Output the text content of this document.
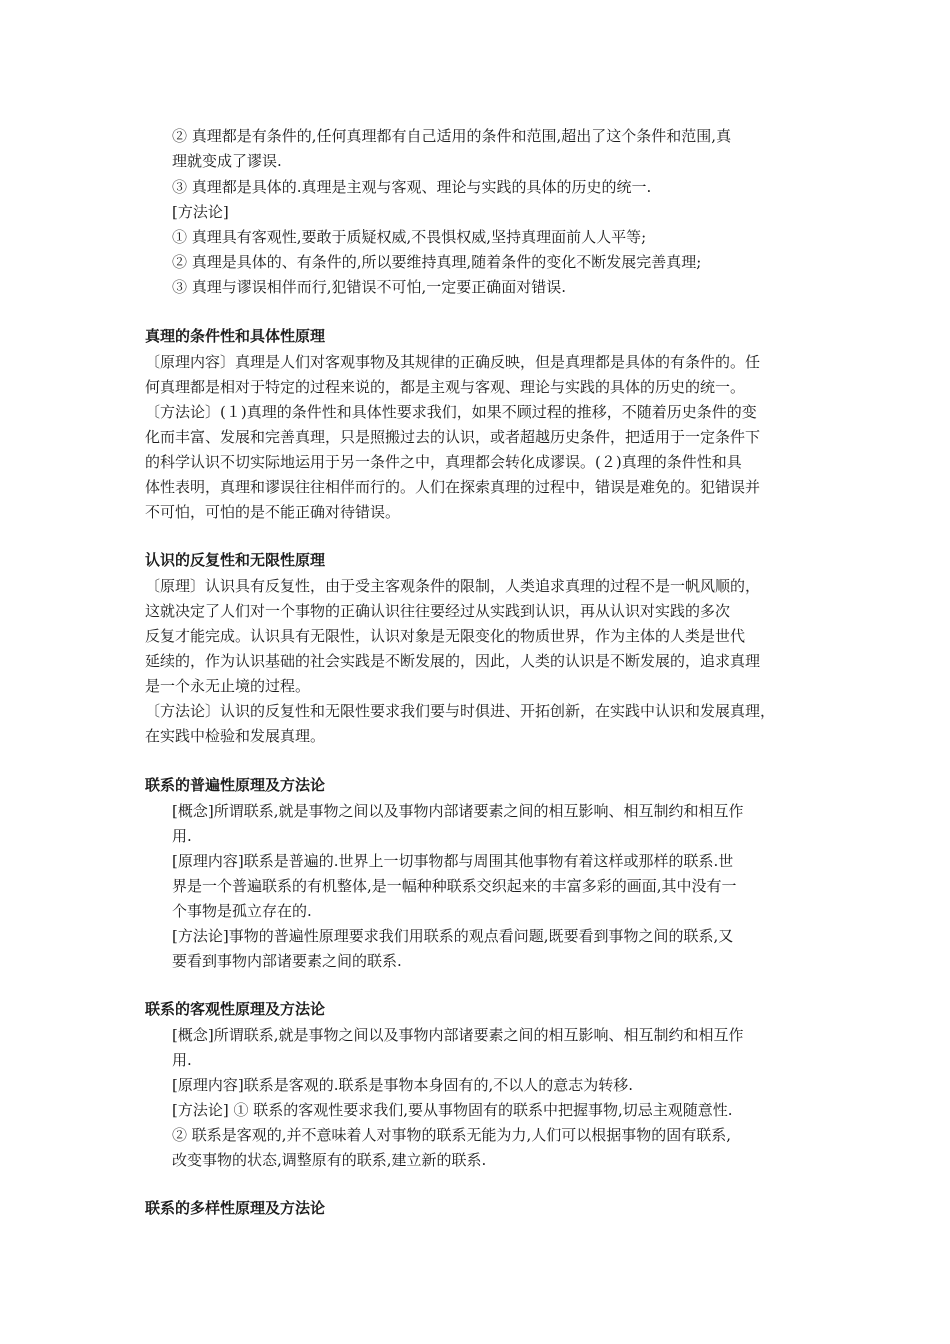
② 真理都是有条件的,任何真理都有自己适用的条件和范围,超出了这个条件和范围,真
理就变成了谬误.
③ 真理都是具体的.真理是主观与客观、理论与实践的具体的历史的统一.
[方法论]
① 真理具有客观性,要敢于质疑权威,不畏惧权威,坚持真理面前人人平等;
② 真理是具体的、有条件的,所以要维持真理,随着条件的变化不断发展完善真理;
③ 真理与谬误相伴而行,犯错误不可怕,一定要正确面对错误.
真理的条件性和具体性原理
〔原理内容〕真理是人们对客观事物及其规律的正确反映，但是真理都是具体的有条件的。任
何真理都是相对于特定的过程来说的，都是主观与客观、理论与实践的具体的历史的统一。
〔方法论〕(１)真理的条件性和具体性要求我们，如果不顾过程的推移，不随着历史条件的变
化而丰富、发展和完善真理，只是照搬过去的认识，或者超越历史条件，把适用于一定条件下
的科学认识不切实际地运用于另一条件之中，真理都会转化成谬误。(２)真理的条件性和具
体性表明，真理和谬误往往相伴而行的。人们在探索真理的过程中，错误是难免的。犯错误并
不可怕，可怕的是不能正确对待错误。
认识的反复性和无限性原理
〔原理〕认识具有反复性，由于受主客观条件的限制，人类追求真理的过程不是一帆风顺的，
这就决定了人们对一个事物的正确认识往往要经过从实践到认识，再从认识对实践的多次
反复才能完成。认识具有无限性，认识对象是无限变化的物质世界，作为主体的人类是世代
延续的，作为认识基础的社会实践是不断发展的，因此，人类的认识是不断发展的，追求真理
是一个永无止境的过程。
〔方法论〕认识的反复性和无限性要求我们要与时俱进、开拓创新，在实践中认识和发展真理，
在实践中检验和发展真理。
联系的普遍性原理及方法论
[概念]所谓联系,就是事物之间以及事物内部诸要素之间的相互影响、相互制约和相互作
用.
[原理内容]联系是普遍的.世界上一切事物都与周围其他事物有着这样或那样的联系.世
界是一个普遍联系的有机整体,是一幅种种联系交织起来的丰富多彩的画面,其中没有一
个事物是孤立存在的.
[方法论]事物的普遍性原理要求我们用联系的观点看问题,既要看到事物之间的联系,又
要看到事物内部诸要素之间的联系.
联系的客观性原理及方法论
[概念]所谓联系,就是事物之间以及事物内部诸要素之间的相互影响、相互制约和相互作
用.
[原理内容]联系是客观的.联系是事物本身固有的,不以人的意志为转移.
[方法论] ① 联系的客观性要求我们,要从事物固有的联系中把握事物,切忌主观随意性.
② 联系是客观的,并不意味着人对事物的联系无能为力,人们可以根据事物的固有联系,
改变事物的状态,调整原有的联系,建立新的联系.
联系的多样性原理及方法论
